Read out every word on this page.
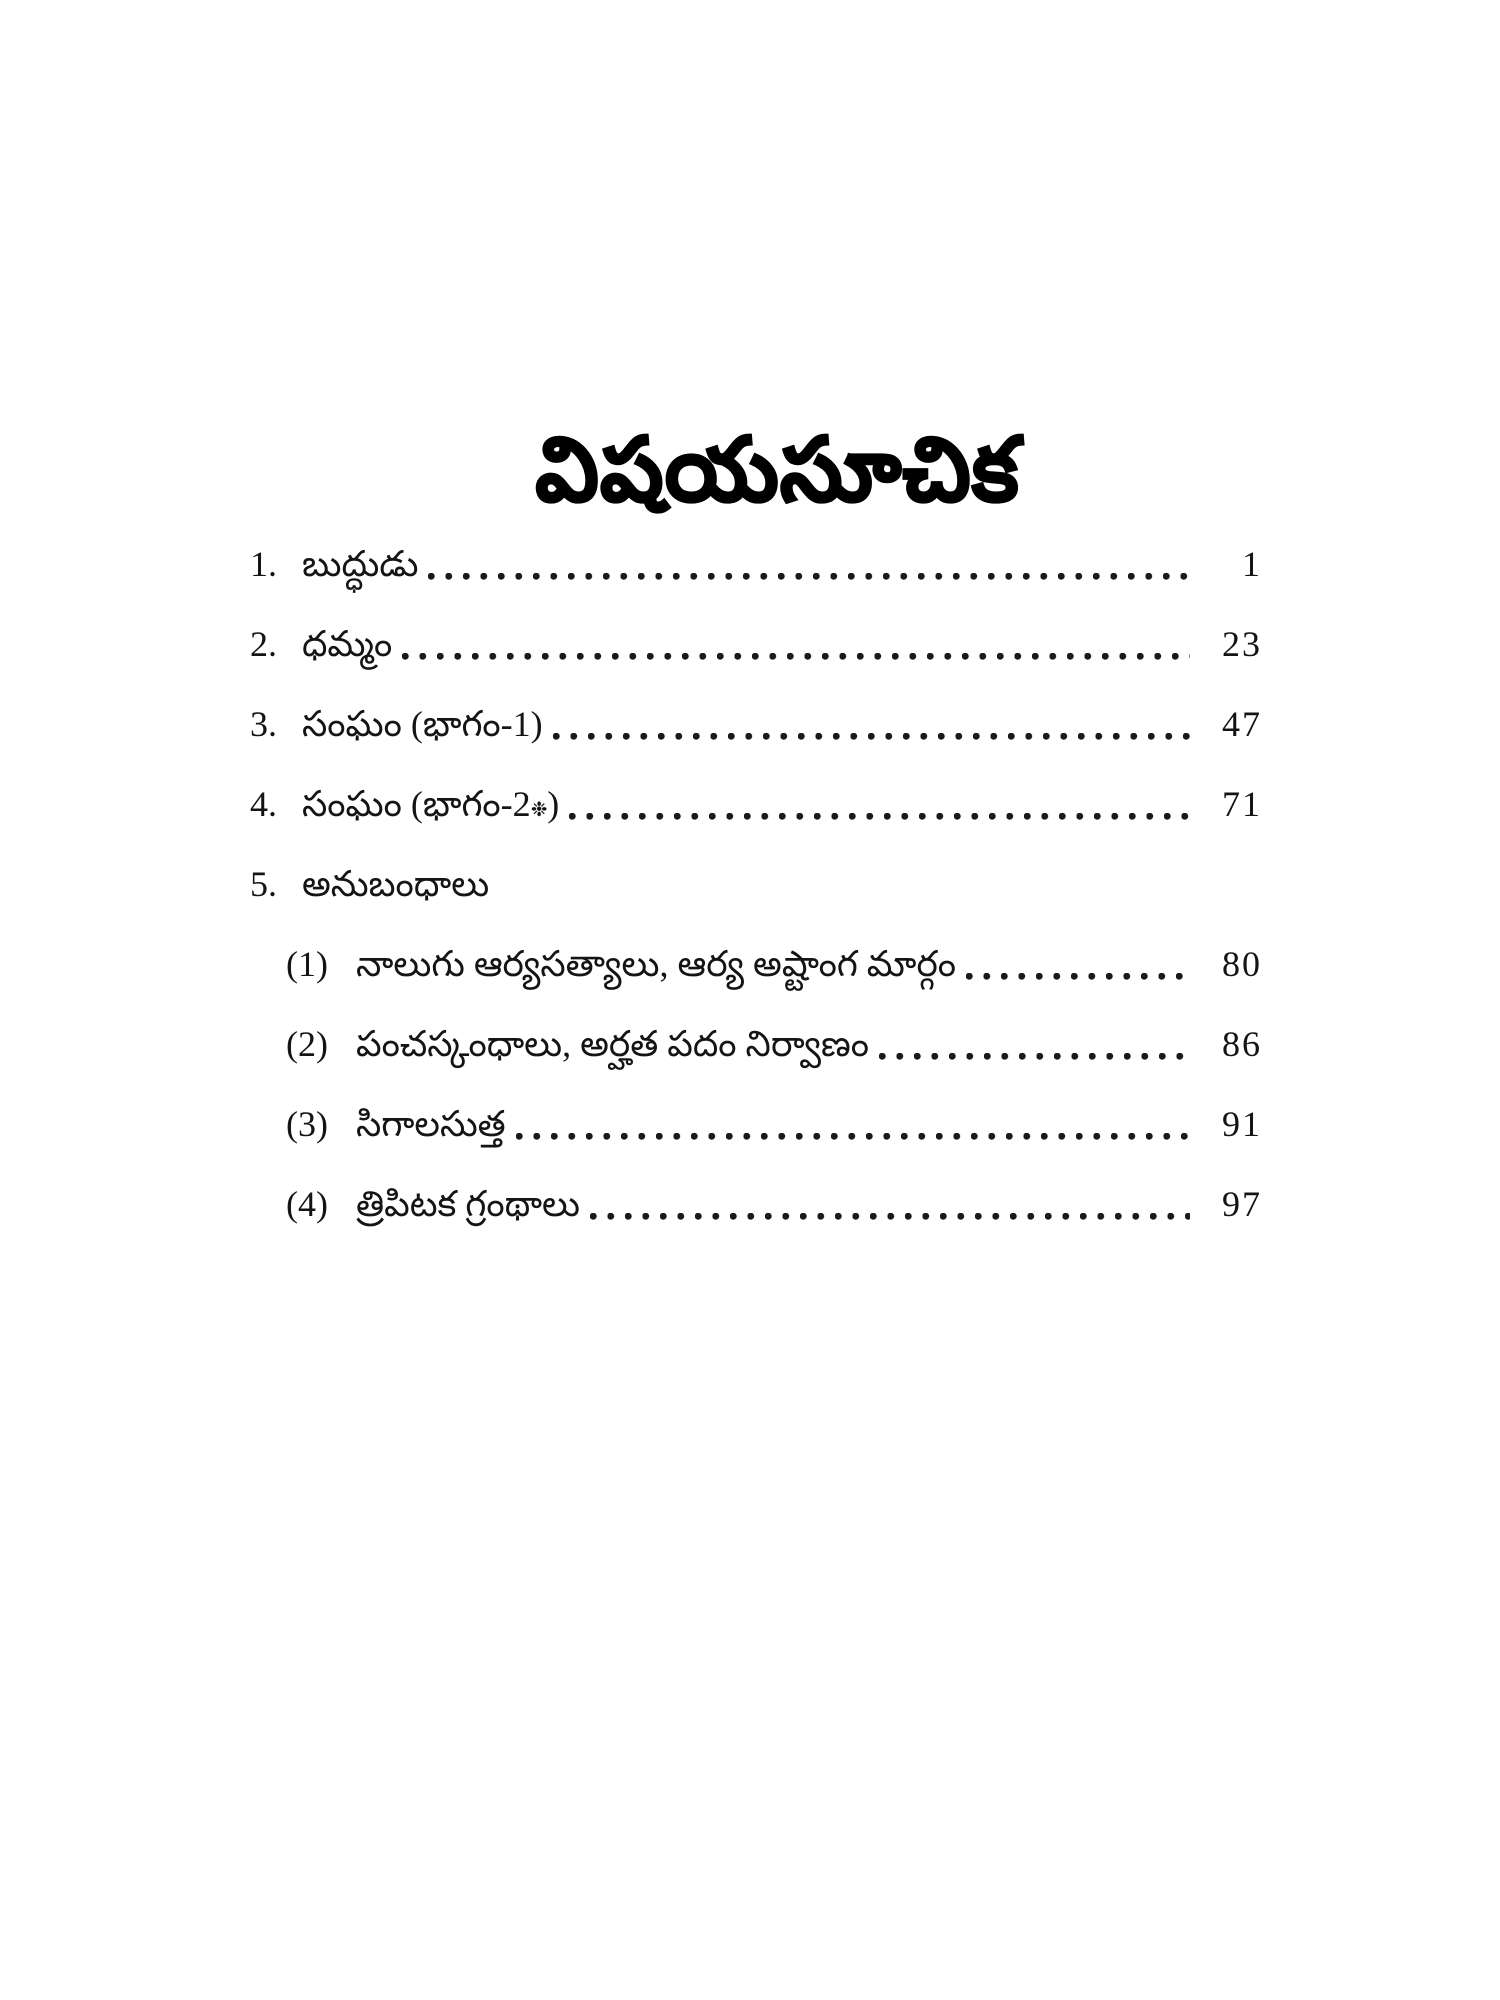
విషయసూచిక
1. బుద్ధుడు	1
2. ధమ్మం	23
3. సంఘం (భాగం-1)	47
4. సంఘం (భాగం-2 ❉ )	71
5. అనుబంధాలు
(1) నాలుగు ఆర్యసత్యాలు, ఆర్య అష్టాంగ మార్గం	80
(2) పంచస్కంధాలు, అర్హత పదం నిర్వాణం	86
(3) సిగాలసుత్త	91
(4) త్రిపిటక గ్రంథాలు	97
